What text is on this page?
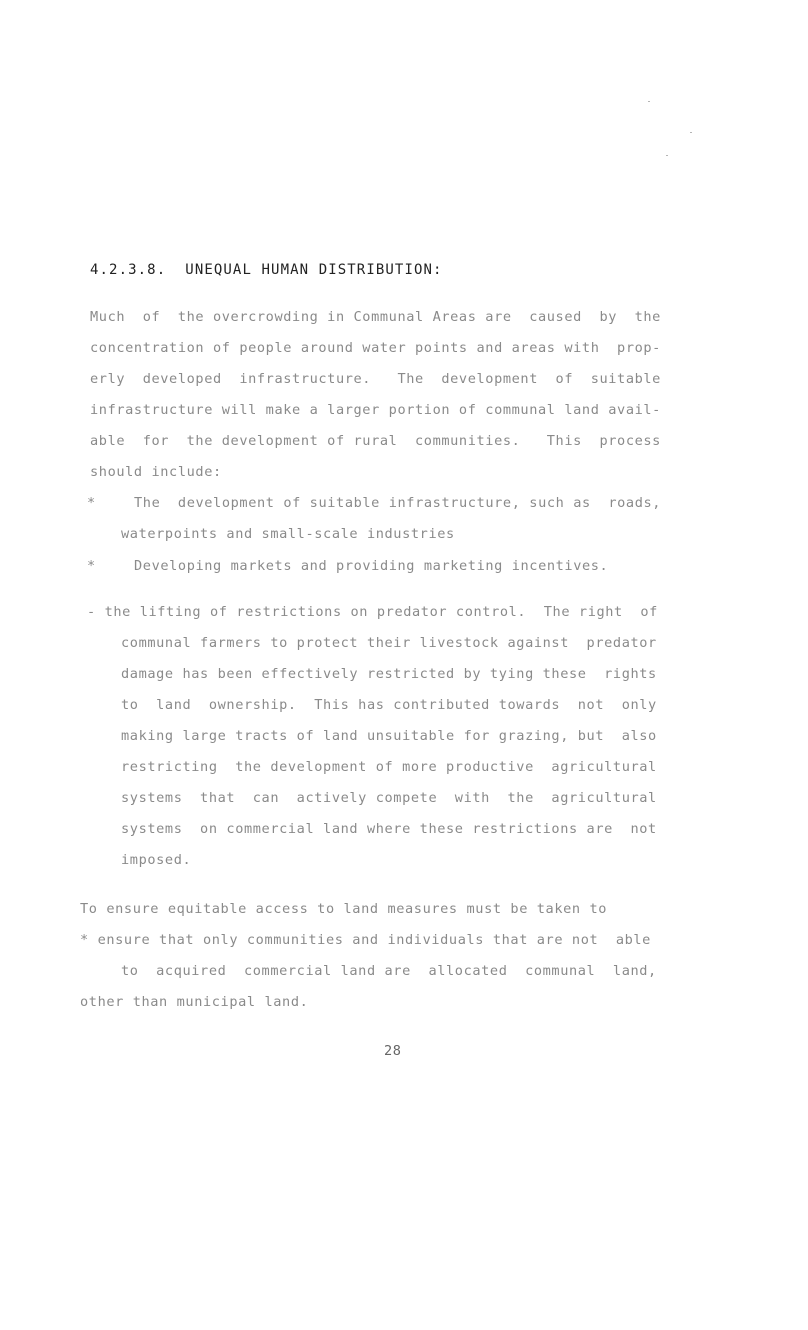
4.2.3.8.  UNEQUAL HUMAN DISTRIBUTION:
Much  of  the overcrowding in Communal Areas are  caused  by  the
concentration of people around water points and areas with  prop-
erly  developed  infrastructure.   The  development  of  suitable
infrastructure will make a larger portion of communal land avail-
able  for  the development of rural  communities.   This  process
should include:
*	The  development of suitable infrastructure, such as  roads,
waterpoints and small-scale industries
*	Developing markets and providing marketing incentives.
- the lifting of restrictions on predator control.  The right  of
communal farmers to protect their livestock against  predator
damage has been effectively restricted by tying these  rights
to  land  ownership.  This has contributed towards  not  only
making large tracts of land unsuitable for grazing, but  also
restricting  the development of more productive  agricultural
systems  that  can  actively compete  with  the  agricultural
systems  on commercial land where these restrictions are  not
imposed.
To ensure equitable access to land measures must be taken to
* ensure that only communities and individuals that are not  able
to  acquired  commercial land are  allocated  communal  land,
other than municipal land.
28
